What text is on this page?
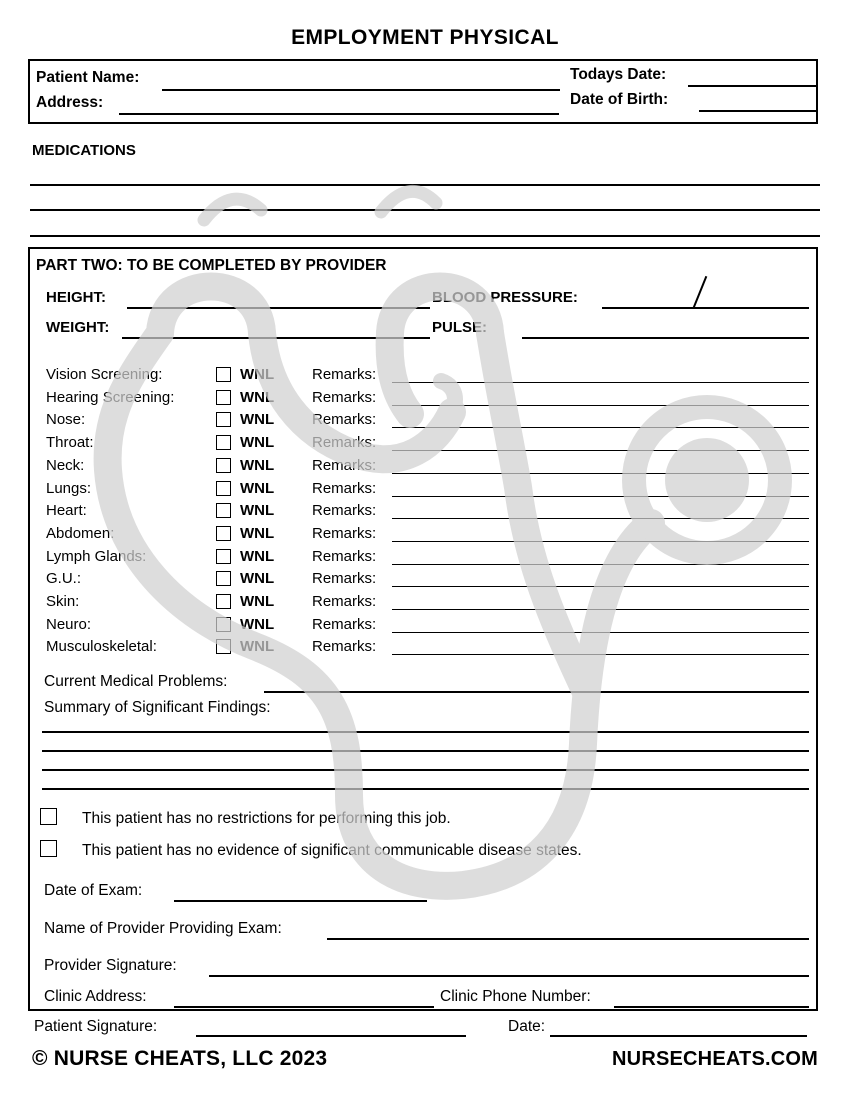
EMPLOYMENT PHYSICAL
Patient Name:	Todays Date:
Address:	Date of Birth:
MEDICATIONS
PART TWO: TO BE COMPLETED BY PROVIDER
HEIGHT:	BLOOD PRESSURE:
WEIGHT:	PULSE:
Vision Screening:	WNL	Remarks:
Hearing Screening:	WNL	Remarks:
Nose:	WNL	Remarks:
Throat:	WNL	Remarks:
Neck:	WNL	Remarks:
Lungs:	WNL	Remarks:
Heart:	WNL	Remarks:
Abdomen:	WNL	Remarks:
Lymph Glands:	WNL	Remarks:
G.U.:	WNL	Remarks:
Skin:	WNL	Remarks:
Neuro:	WNL	Remarks:
Musculoskeletal:	WNL	Remarks:
Current Medical Problems:
Summary of Significant Findings:
This patient has no restrictions for performing this job.
This patient has no evidence of significant communicable disease states.
Date of Exam:
Name of Provider Providing Exam:
Provider Signature:
Clinic Address:	Clinic Phone Number:
Patient Signature:	Date:
© NURSE CHEATS, LLC 2023	NURSECHEATS.COM
